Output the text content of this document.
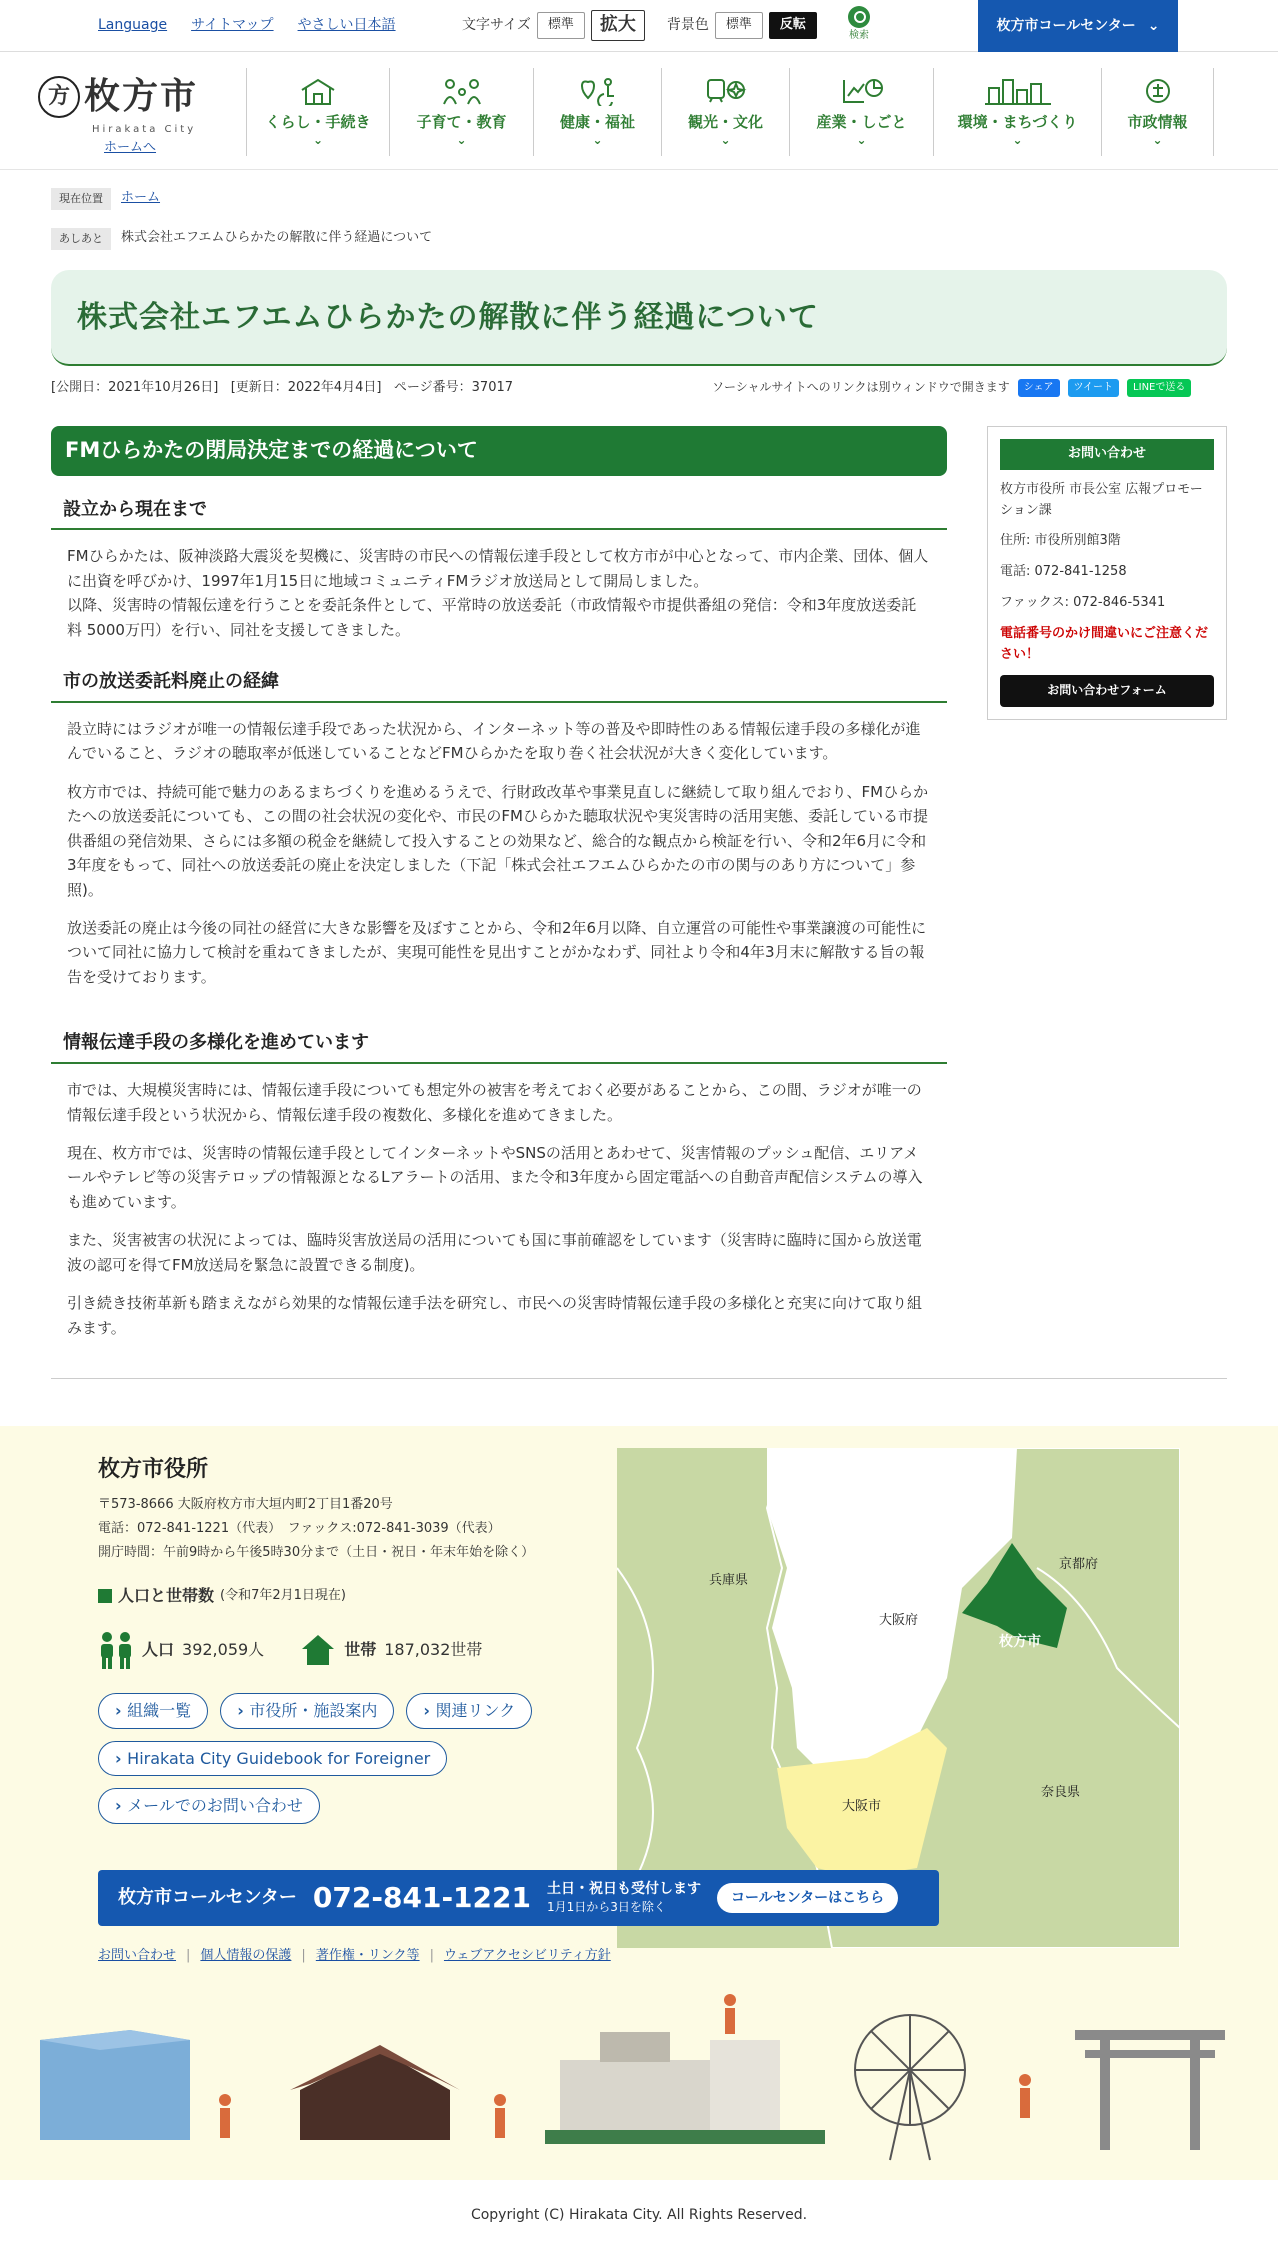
Language サイトマップ やさしい日本語	文字サイズ	標準	拡大	背景色	標準	反転
検索
枚方市コールセンター ⌄
方 枚方市
Hirakata City
ホームへ
くらし・手続き
⌄
子育て・教育
⌄
健康・福祉
⌄
観光・文化
⌄
産業・しごと
⌄
環境・まちづくり
⌄
市政情報
⌄
現在位置	ホーム
あしあと	株式会社エフエムひらかたの解散に伴う経過について
株式会社エフエムひらかたの解散に伴う経過について
[公開日：2021年10月26日] [更新日：2022年4月4日] ページ番号：37017	ソーシャルサイトへのリンクは別ウィンドウで開きます	シェア	ツイート	LINEで送る
FMひらかたの閉局決定までの経過について
設立から現在まで
FMひらかたは、阪神淡路大震災を契機に、災害時の市民への情報伝達手段として枚方市が中心となって、市内企業、団体、個人に出資を呼びかけ、1997年1月15日に地域コミュニティFMラジオ放送局として開局しました。
以降、災害時の情報伝達を行うことを委託条件として、平常時の放送委託（市政情報や市提供番組の発信：令和3年度放送委託料 5000万円）を行い、同社を支援してきました。
市の放送委託料廃止の経緯
設立時にはラジオが唯一の情報伝達手段であった状況から、インターネット等の普及や即時性のある情報伝達手段の多様化が進んでいること、ラジオの聴取率が低迷していることなどFMひらかたを取り巻く社会状況が大きく変化しています。
枚方市では、持続可能で魅力のあるまちづくりを進めるうえで、行財政改革や事業見直しに継続して取り組んでおり、FMひらかたへの放送委託についても、この間の社会状況の変化や、市民のFMひらかた聴取状況や実災害時の活用実態、委託している市提供番組の発信効果、さらには多額の税金を継続して投入することの効果など、総合的な観点から検証を行い、令和2年6月に令和3年度をもって、同社への放送委託の廃止を決定しました（下記「株式会社エフエムひらかたの市の関与のあり方について」参照)。
放送委託の廃止は今後の同社の経営に大きな影響を及ぼすことから、令和2年6月以降、自立運営の可能性や事業譲渡の可能性について同社に協力して検討を重ねてきましたが、実現可能性を見出すことがかなわず、同社より令和4年3月末に解散する旨の報告を受けております。
情報伝達手段の多様化を進めています
市では、大規模災害時には、情報伝達手段についても想定外の被害を考えておく必要があることから、この間、ラジオが唯一の情報伝達手段という状況から、情報伝達手段の複数化、多様化を進めてきました。
現在、枚方市では、災害時の情報伝達手段としてインターネットやSNSの活用とあわせて、災害情報のプッシュ配信、エリアメールやテレビ等の災害テロップの情報源となるLアラートの活用、また令和3年度から固定電話への自動音声配信システムの導入も進めています。
また、災害被害の状況によっては、臨時災害放送局の活用についても国に事前確認をしています（災害時に臨時に国から放送電波の認可を得てFM放送局を緊急に設置できる制度)。
引き続き技術革新も踏まえながら効果的な情報伝達手法を研究し、市民への災害時情報伝達手段の多様化と充実に向けて取り組みます。
お問い合わせ
枚方市役所 市長公室 広報プロモーション課
住所: 市役所別館3階
電話: 072-841-1258
ファックス: 072-846-5341
電話番号のかけ間違いにご注意ください！
お問い合わせフォーム
枚方市役所
〒573-8666 大阪府枚方市大垣内町2丁目1番20号
電話：072-841-1221（代表）　ファックス:072-841-3039（代表）
開庁時間：午前9時から午後5時30分まで（土日・祝日・年末年始を除く）
人口と世帯数 (令和7年2月1日現在)
人口 392,059人	世帯 187,032世帯
› 組織一覧	› 市役所・施設案内	› 関連リンク
› Hirakata City Guidebook for Foreigner
› メールでのお問い合わせ
兵庫県
大阪府
枚方市
京都府
大阪市
奈良県
枚方市コールセンター 072-841-1221 土日・祝日も受付します
1月1日から3日を除く
コールセンターはこちら
お問い合わせ | 個人情報の保護 | 著作権・リンク等 | ウェブアクセシビリティ方針
Copyright (C) Hirakata City. All Rights Reserved.
